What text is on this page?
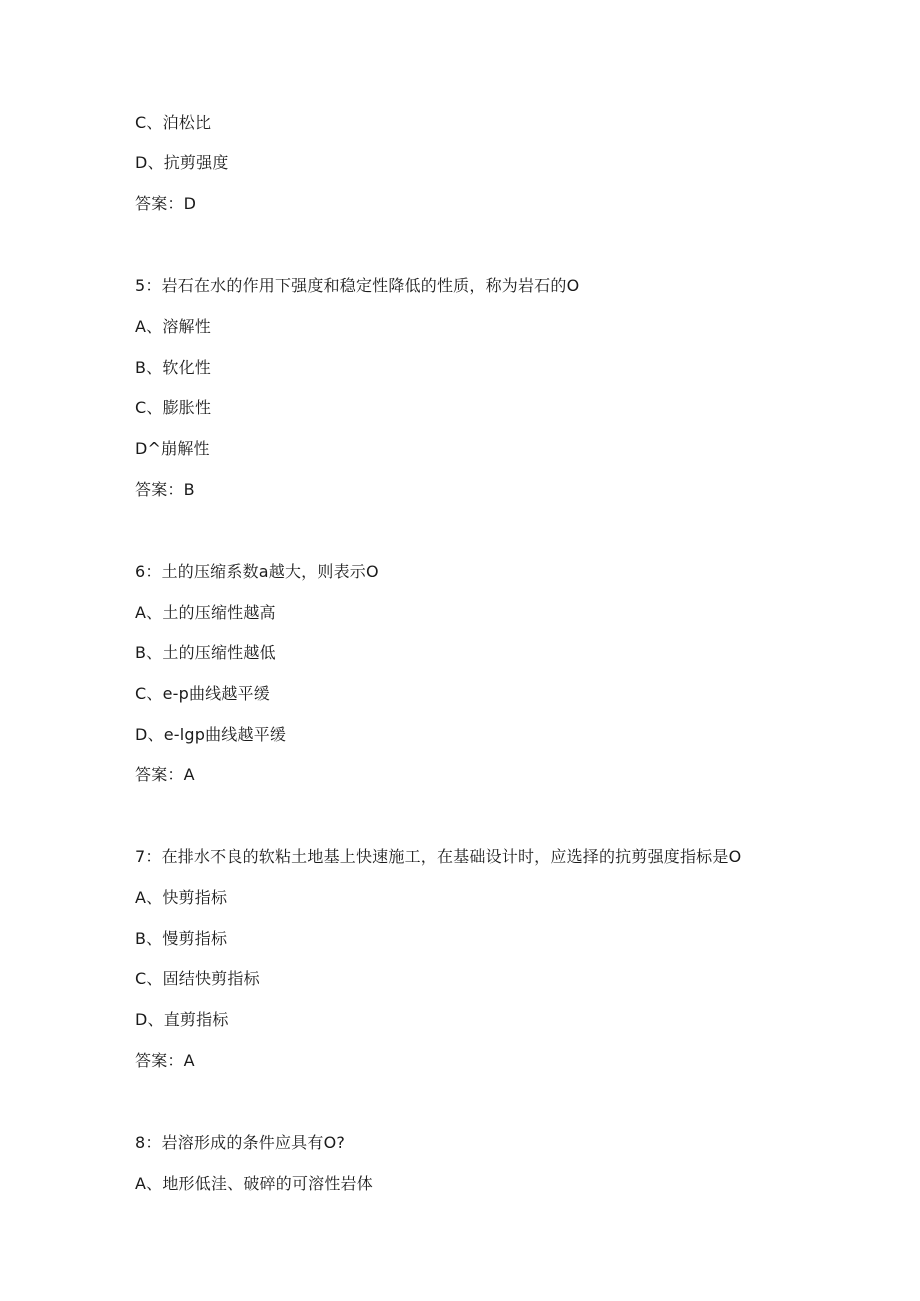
C、泊松比
D、抗剪强度
答案：D
5：岩石在水的作用下强度和稳定性降低的性质，称为岩石的O
A、溶解性
B、软化性
C、膨胀性
D^崩解性
答案：B
6：土的压缩系数a越大，则表示O
A、土的压缩性越高
B、土的压缩性越低
C、e-p曲线越平缓
D、e-lgp曲线越平缓
答案：A
7：在排水不良的软粘土地基上快速施工，在基础设计时，应选择的抗剪强度指标是O
A、快剪指标
B、慢剪指标
C、固结快剪指标
D、直剪指标
答案：A
8：岩溶形成的条件应具有O?
A、地形低洼、破碎的可溶性岩体
